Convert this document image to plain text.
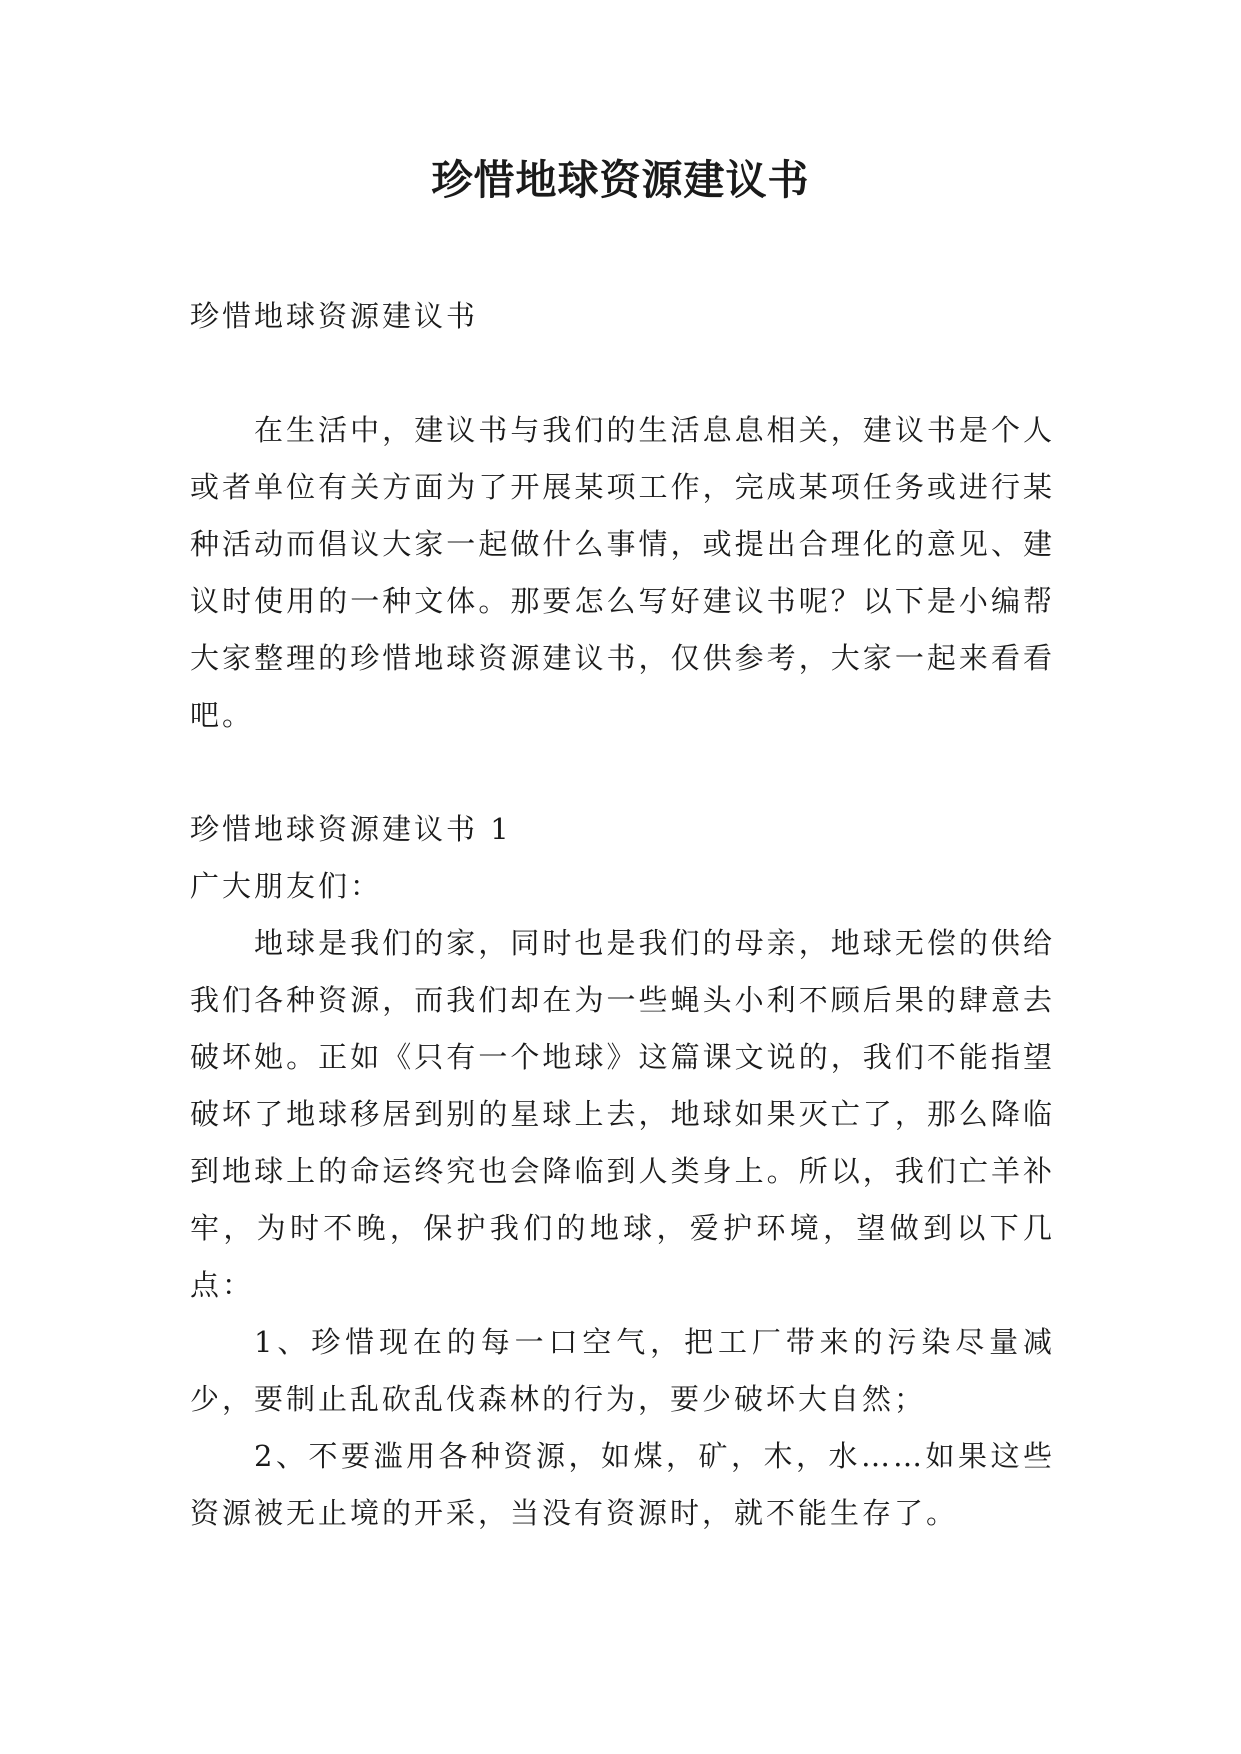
珍惜地球资源建议书

珍惜地球资源建议书

在生活中，建议书与我们的生活息息相关，建议书是个人或者单位有关方面为了开展某项工作，完成某项任务或进行某种活动而倡议大家一起做什么事情，或提出合理化的意见、建议时使用的一种文体。那要怎么写好建议书呢？以下是小编帮大家整理的珍惜地球资源建议书，仅供参考，大家一起来看看吧。

珍惜地球资源建议书 1

广大朋友们：

地球是我们的家，同时也是我们的母亲，地球无偿的供给我们各种资源，而我们却在为一些蝇头小利不顾后果的肆意去破坏她。正如《只有一个地球》这篇课文说的，我们不能指望破坏了地球移居到别的星球上去，地球如果灭亡了，那么降临到地球上的命运终究也会降临到人类身上。所以，我们亡羊补牢，为时不晚，保护我们的地球，爱护环境，望做到以下几点：

1、珍惜现在的每一口空气，把工厂带来的污染尽量减少，要制止乱砍乱伐森林的行为，要少破坏大自然；

2、不要滥用各种资源，如煤，矿，木，水……如果这些资源被无止境的开采，当没有资源时，就不能生存了。
